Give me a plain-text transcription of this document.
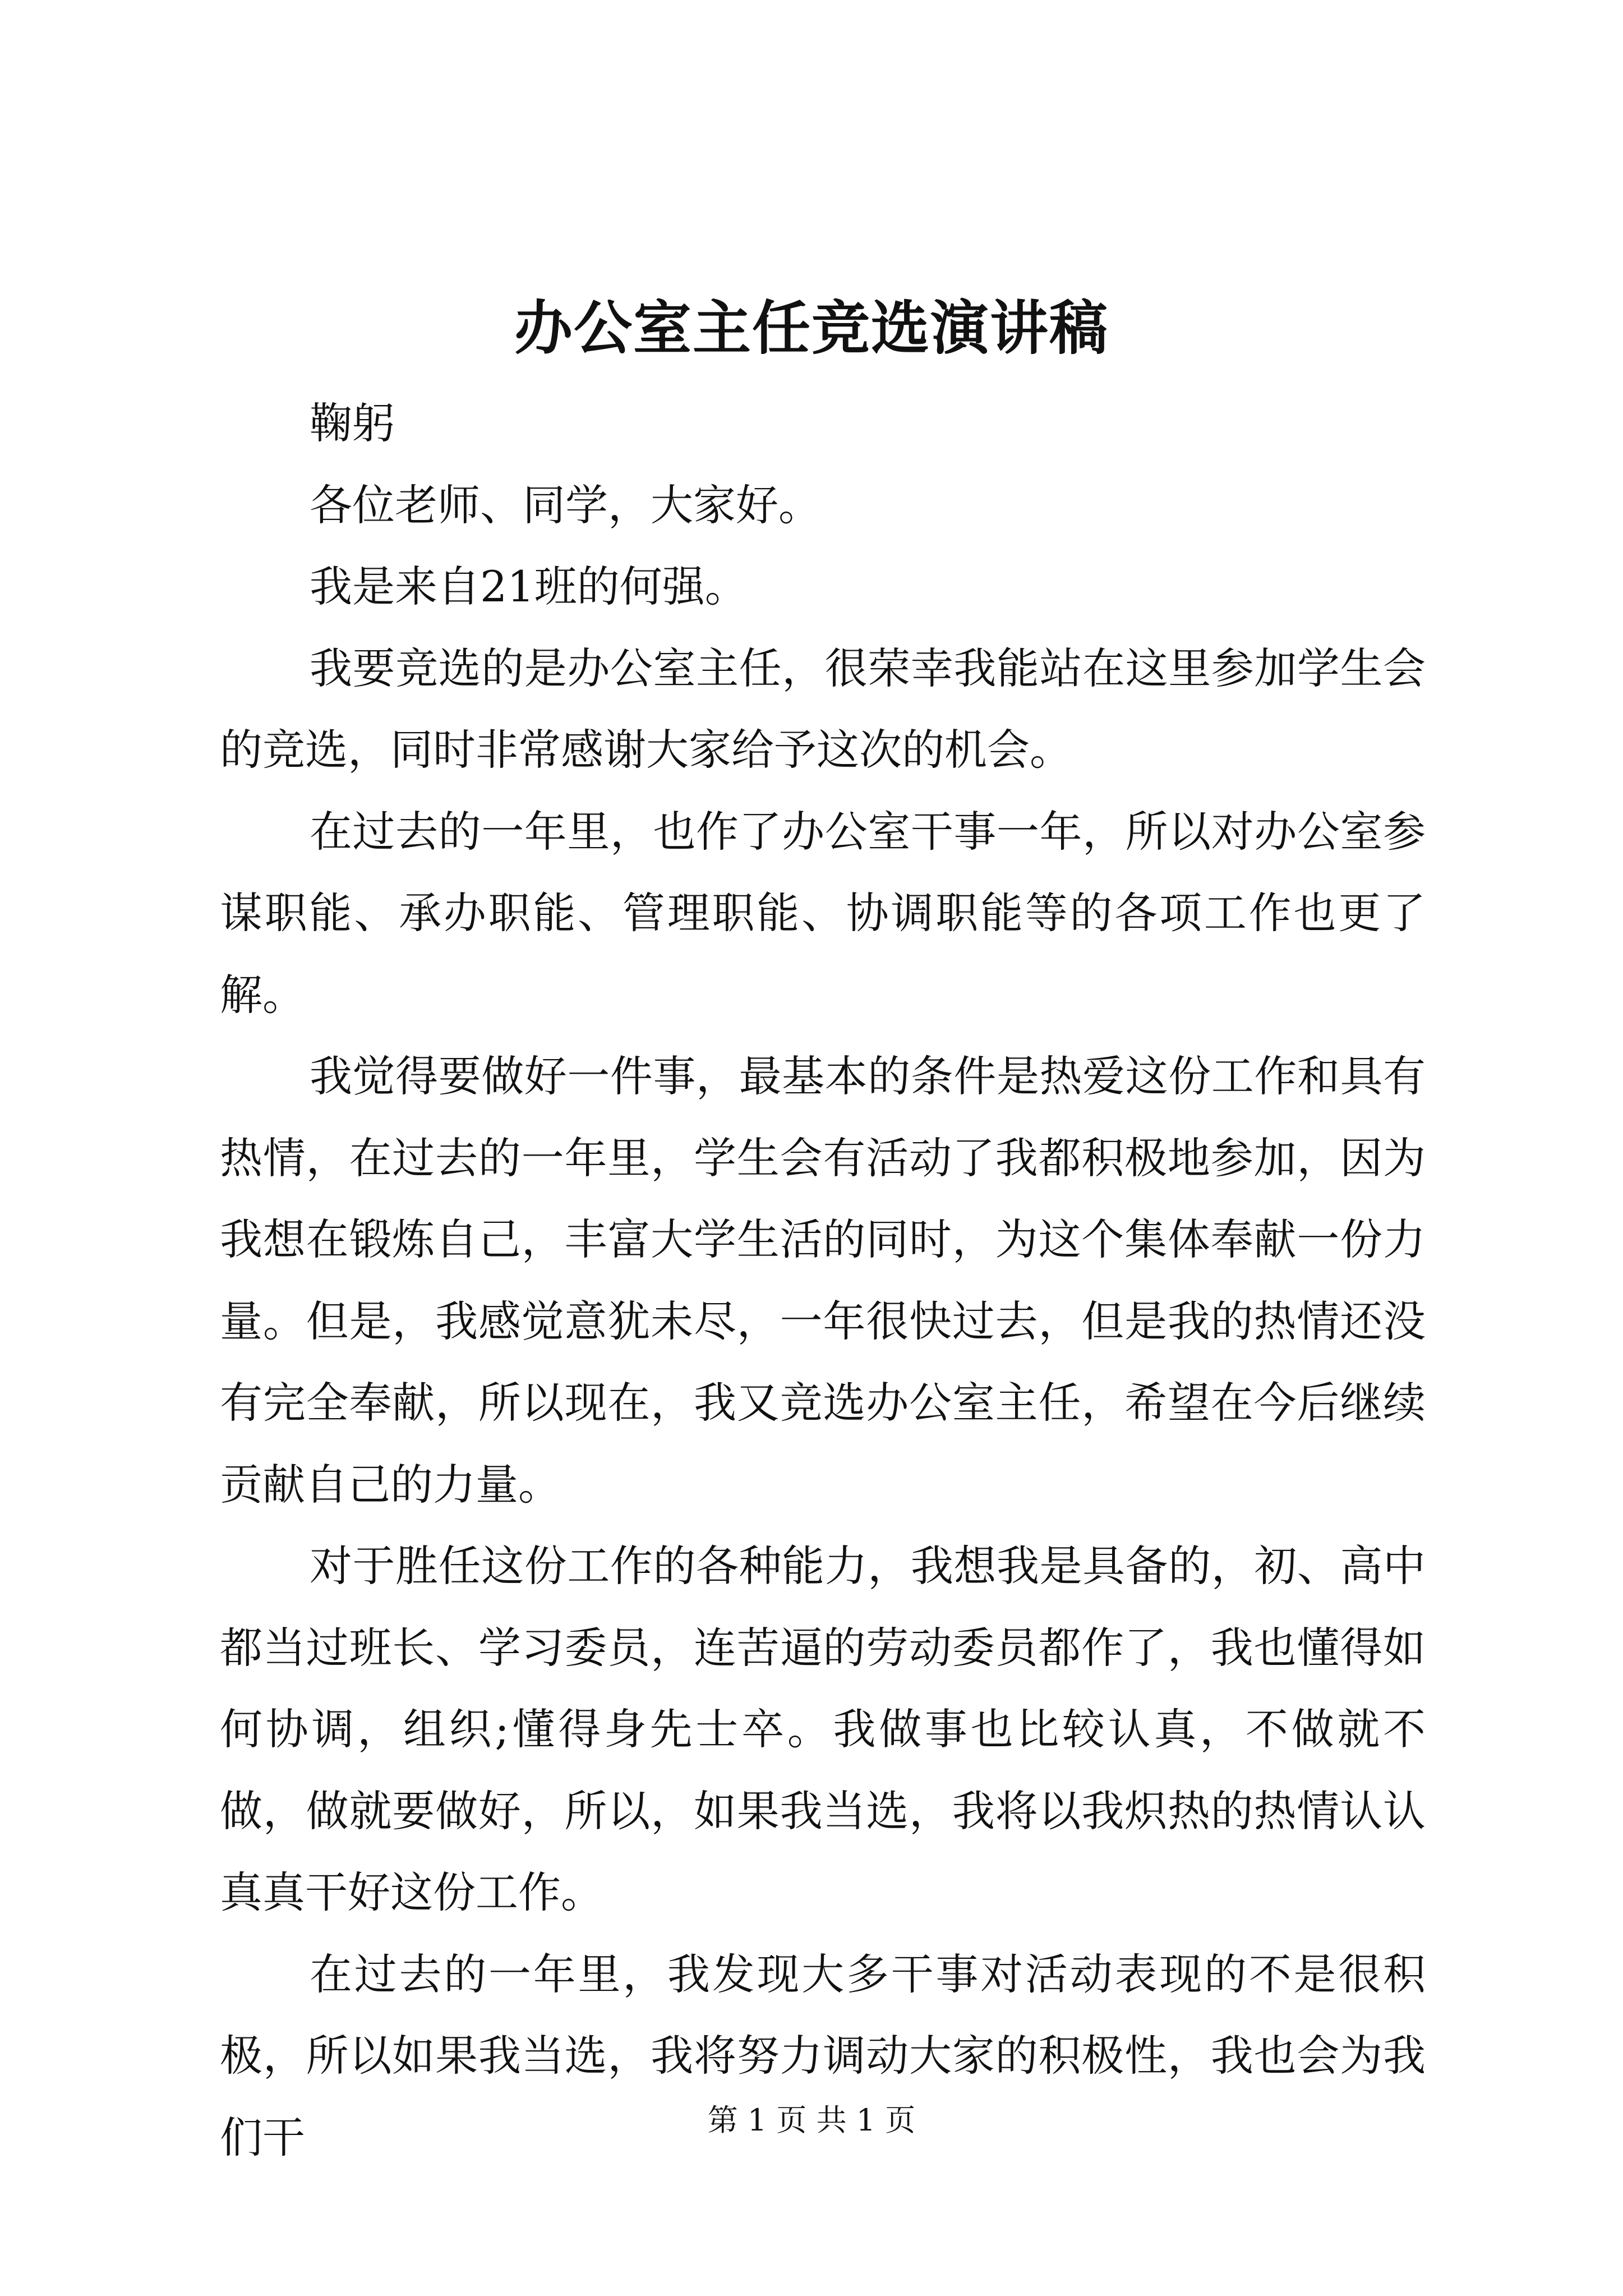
办公室主任竞选演讲稿

鞠躬

各位老师、同学，大家好。

我是来自21班的何强。

我要竞选的是办公室主任，很荣幸我能站在这里参加学生会的竞选，同时非常感谢大家给予这次的机会。

在过去的一年里，也作了办公室干事一年，所以对办公室参谋职能、承办职能、管理职能、协调职能等的各项工作也更了解。

我觉得要做好一件事，最基本的条件是热爱这份工作和具有热情，在过去的一年里，学生会有活动了我都积极地参加，因为我想在锻炼自己，丰富大学生活的同时，为这个集体奉献一份力量。但是，我感觉意犹未尽，一年很快过去，但是我的热情还没有完全奉献，所以现在，我又竞选办公室主任，希望在今后继续贡献自己的力量。

对于胜任这份工作的各种能力，我想我是具备的，初、高中都当过班长、学习委员，连苦逼的劳动委员都作了，我也懂得如何协调，组织;懂得身先士卒。我做事也比较认真，不做就不做，做就要做好，所以，如果我当选，我将以我炽热的热情认认真真干好这份工作。

在过去的一年里，我发现大多干事对活动表现的不是很积极，所以如果我当选，我将努力调动大家的积极性，我也会为我们干	第 1 页 共 1 页
